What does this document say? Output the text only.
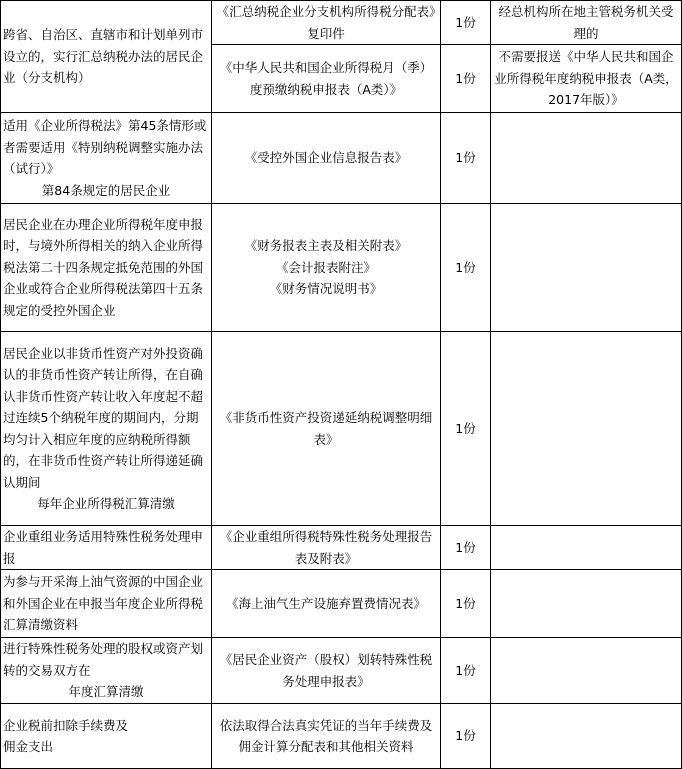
跨省、自治区、直辖市和计划单列市设立的，实行汇总纳税办法的居民企业（分支机构）	《汇总纳税企业分支机构所得税分配表》复印件	1份	经总机构所在地主管税务机关受理的

	《中华人民共和国企业所得税月（季）度预缴纳税申报表（A类）》	1份	不需要报送《中华人民共和国企业所得税年度纳税申报表（A类，2017年版）》

适用《企业所得税法》第45条情形或者需要适用《特别纳税调整实施办法（试行）》
第84条规定的居民企业	《受控外国企业信息报告表》	1份	

居民企业在办理企业所得税年度申报时，与境外所得相关的纳入企业所得税法第二十四条规定抵免范围的外国企业或符合企业所得税法第四十五条规定的受控外国企业	《财务报表主表及相关附表》
《会计报表附注》
《财务情况说明书》	1份	

居民企业以非货币性资产对外投资确认的非货币性资产转让所得，在自确认非货币性资产转让收入年度起不超过连续5个纳税年度的期间内，分期均匀计入相应年度的应纳税所得额的，在非货币性资产转让所得递延确认期间
每年企业所得税汇算清缴	《非货币性资产投资递延纳税调整明细表》	1份	

企业重组业务适用特殊性税务处理申报	《企业重组所得税特殊性税务处理报告表及附表》	1份	

为参与开采海上油气资源的中国企业和外国企业在申报当年度企业所得税汇算清缴资料	《海上油气生产设施弃置费情况表》	1份	

进行特殊性税务处理的股权或资产划转的交易双方在
年度汇算清缴	《居民企业资产（股权）划转特殊性税务处理申报表》	1份	

企业税前扣除手续费及
佣金支出	依法取得合法真实凭证的当年手续费及佣金计算分配表和其他相关资料	1份	
